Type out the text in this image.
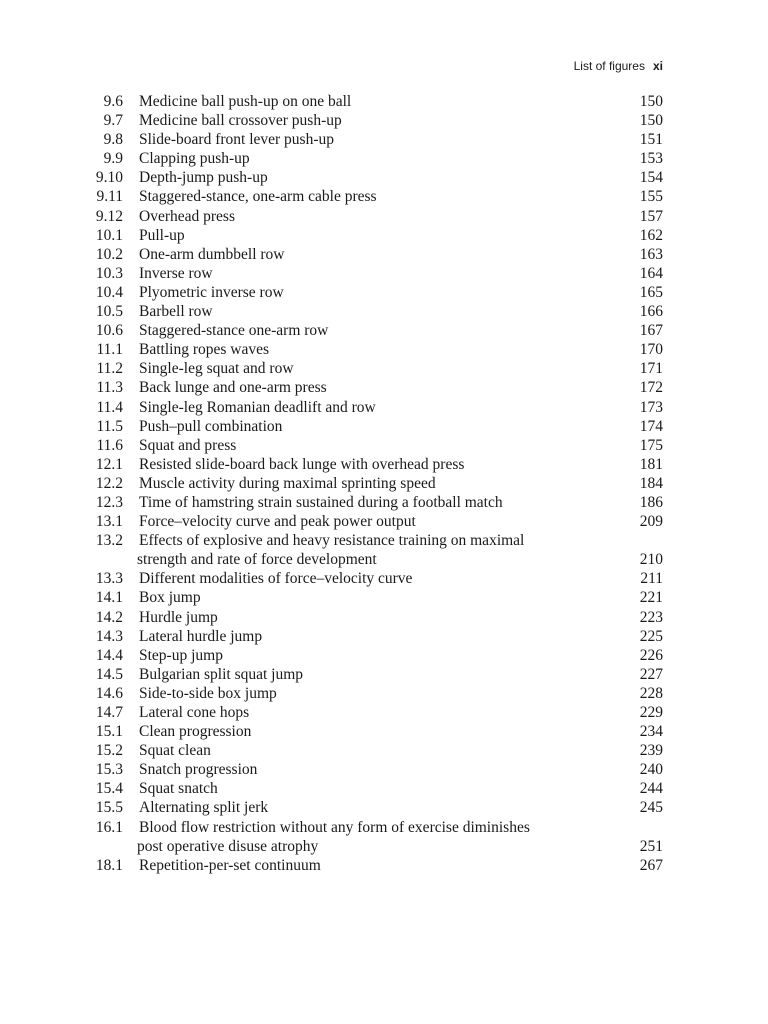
List of figures xi
9.6 Medicine ball push-up on one ball	150
9.7 Medicine ball crossover push-up	150
9.8 Slide-board front lever push-up	151
9.9 Clapping push-up	153
9.10 Depth-jump push-up	154
9.11 Staggered-stance, one-arm cable press	155
9.12 Overhead press	157
10.1 Pull-up	162
10.2 One-arm dumbbell row	163
10.3 Inverse row	164
10.4 Plyometric inverse row	165
10.5 Barbell row	166
10.6 Staggered-stance one-arm row	167
11.1 Battling ropes waves	170
11.2 Single-leg squat and row	171
11.3 Back lunge and one-arm press	172
11.4 Single-leg Romanian deadlift and row	173
11.5 Push–pull combination	174
11.6 Squat and press	175
12.1 Resisted slide-board back lunge with overhead press	181
12.2 Muscle activity during maximal sprinting speed	184
12.3 Time of hamstring strain sustained during a football match	186
13.1 Force–velocity curve and peak power output	209
13.2 Effects of explosive and heavy resistance training on maximal
strength and rate of force development	210
13.3 Different modalities of force–velocity curve	211
14.1 Box jump	221
14.2 Hurdle jump	223
14.3 Lateral hurdle jump	225
14.4 Step-up jump	226
14.5 Bulgarian split squat jump	227
14.6 Side-to-side box jump	228
14.7 Lateral cone hops	229
15.1 Clean progression	234
15.2 Squat clean	239
15.3 Snatch progression	240
15.4 Squat snatch	244
15.5 Alternating split jerk	245
16.1 Blood flow restriction without any form of exercise diminishes
post operative disuse atrophy	251
18.1 Repetition-per-set continuum	267
